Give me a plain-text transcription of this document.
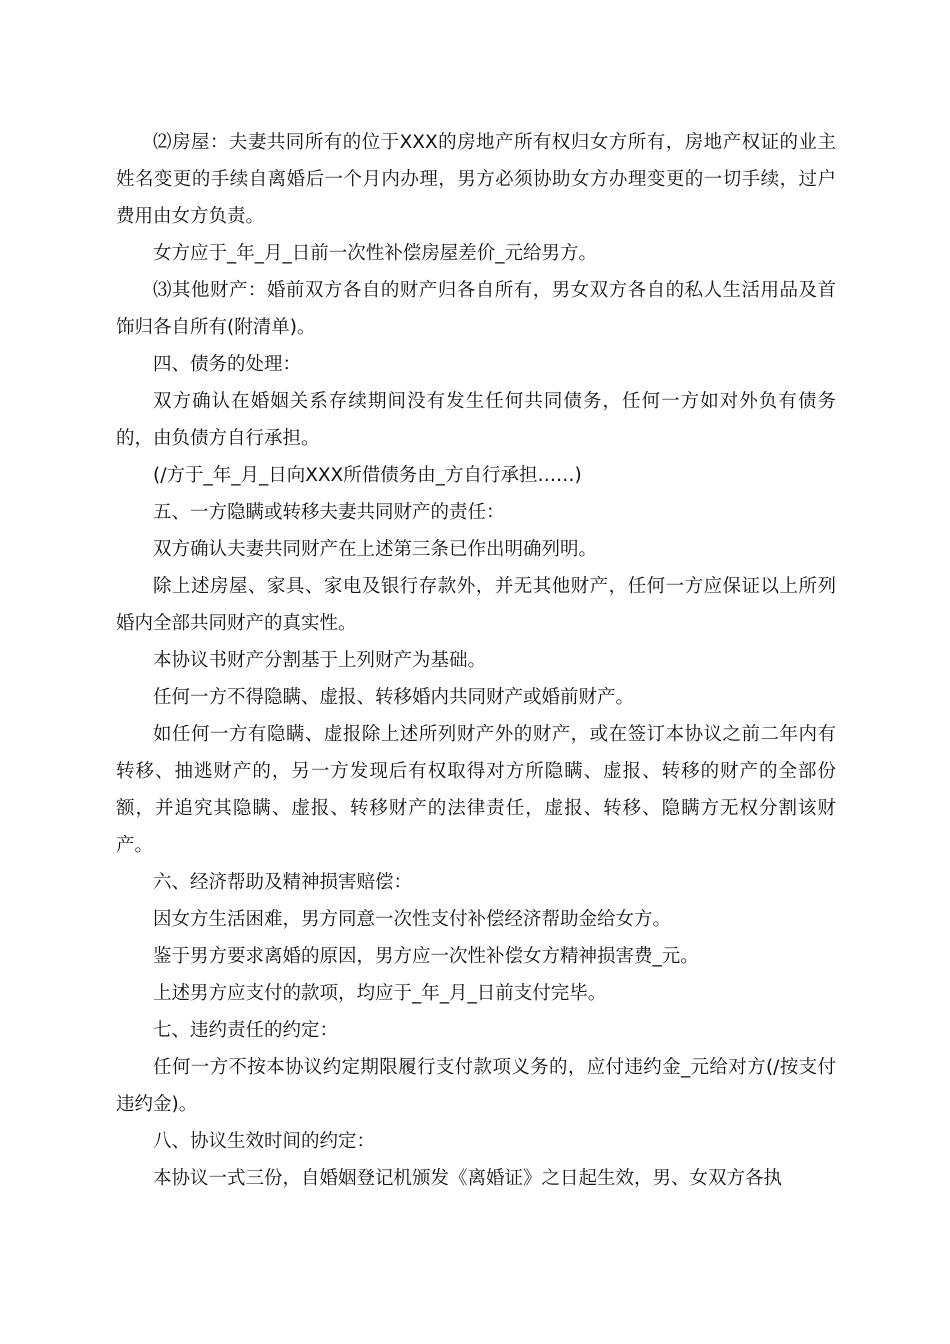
⑵房屋：夫妻共同所有的位于XXX的房地产所有权归女方所有，房地产权证的业主姓名变更的手续自离婚后一个月内办理，男方必须协助女方办理变更的一切手续，过户费用由女方负责。

女方应于_年_月_日前一次性补偿房屋差价_元给男方。

⑶其他财产：婚前双方各自的财产归各自所有，男女双方各自的私人生活用品及首饰归各自所有(附清单)。

四、债务的处理：

双方确认在婚姻关系存续期间没有发生任何共同债务，任何一方如对外负有债务的，由负债方自行承担。

(/方于_年_月_日向XXX所借债务由_方自行承担……)

五、一方隐瞒或转移夫妻共同财产的责任：

双方确认夫妻共同财产在上述第三条已作出明确列明。

除上述房屋、家具、家电及银行存款外，并无其他财产，任何一方应保证以上所列婚内全部共同财产的真实性。

本协议书财产分割基于上列财产为基础。

任何一方不得隐瞒、虚报、转移婚内共同财产或婚前财产。

如任何一方有隐瞒、虚报除上述所列财产外的财产，或在签订本协议之前二年内有转移、抽逃财产的，另一方发现后有权取得对方所隐瞒、虚报、转移的财产的全部份额，并追究其隐瞒、虚报、转移财产的法律责任，虚报、转移、隐瞒方无权分割该财产。

六、经济帮助及精神损害赔偿：

因女方生活困难，男方同意一次性支付补偿经济帮助金给女方。

鉴于男方要求离婚的原因，男方应一次性补偿女方精神损害费_元。

上述男方应支付的款项，均应于_年_月_日前支付完毕。

七、违约责任的约定：

任何一方不按本协议约定期限履行支付款项义务的，应付违约金_元给对方(/按支付违约金)。

八、协议生效时间的约定：

本协议一式三份，自婚姻登记机颁发《离婚证》之日起生效，男、女双方各执
